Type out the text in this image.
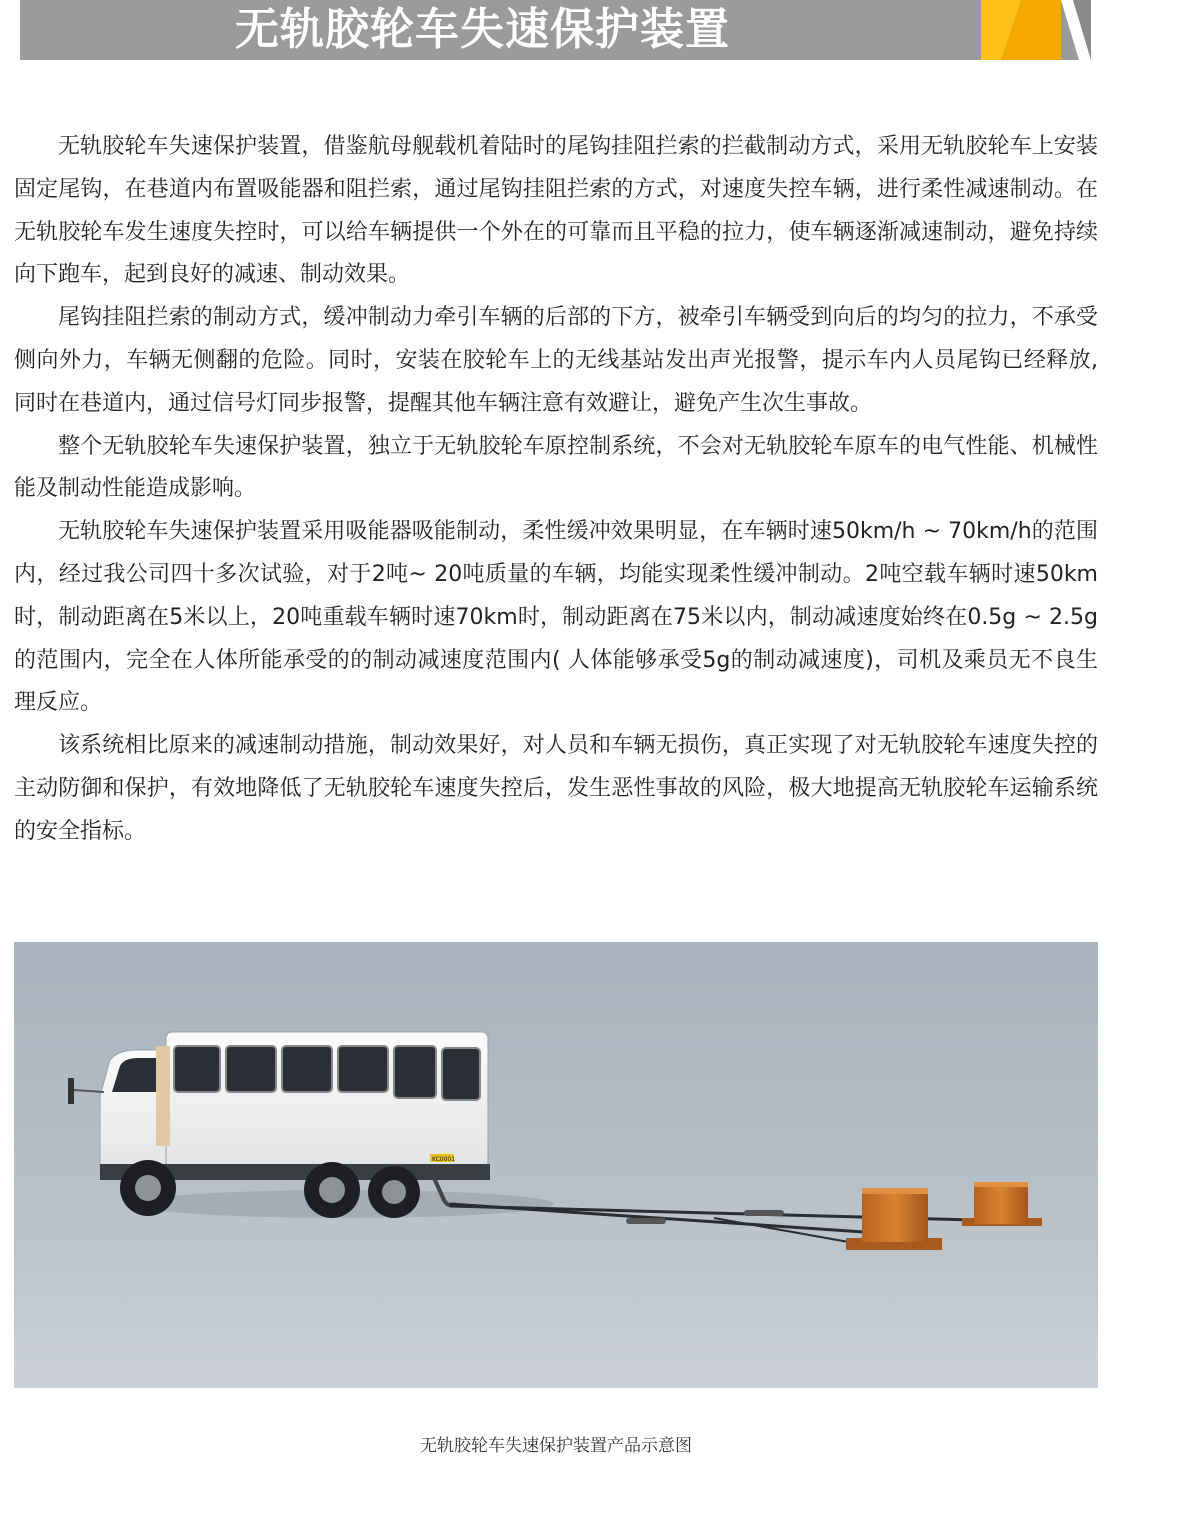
无轨胶轮车失速保护装置

无轨胶轮车失速保护装置，借鉴航母舰载机着陆时的尾钩挂阻拦索的拦截制动方式，采用无轨胶轮车上安装固定尾钩，在巷道内布置吸能器和阻拦索，通过尾钩挂阻拦索的方式，对速度失控车辆，进行柔性减速制动。在无轨胶轮车发生速度失控时，可以给车辆提供一个外在的可靠而且平稳的拉力，使车辆逐渐减速制动，避免持续向下跑车，起到良好的减速、制动效果。

尾钩挂阻拦索的制动方式，缓冲制动力牵引车辆的后部的下方，被牵引车辆受到向后的均匀的拉力，不承受侧向外力，车辆无侧翻的危险。同时，安装在胶轮车上的无线基站发出声光报警，提示车内人员尾钩已经释放,同时在巷道内，通过信号灯同步报警，提醒其他车辆注意有效避让，避免产生次生事故。

整个无轨胶轮车失速保护装置，独立于无轨胶轮车原控制系统，不会对无轨胶轮车原车的电气性能、机械性能及制动性能造成影响。

无轨胶轮车失速保护装置采用吸能器吸能制动，柔性缓冲效果明显，在车辆时速50km/h ~ 70km/h的范围内，经过我公司四十多次试验，对于2吨~ 20吨质量的车辆，均能实现柔性缓冲制动。2吨空载车辆时速50km时，制动距离在5米以上，20吨重载车辆时速70km时，制动距离在75米以内，制动减速度始终在0.5g ~ 2.5g的范围内，完全在人体所能承受的的制动减速度范围内( 人体能够承受5g的制动减速度)，司机及乘员无不良生理反应。

该系统相比原来的减速制动措施，制动效果好，对人员和车辆无损伤，真正实现了对无轨胶轮车速度失控的主动防御和保护，有效地降低了无轨胶轮车速度失控后，发生恶性事故的风险，极大地提高无轨胶轮车运输系统的安全指标。

KC0001
无轨胶轮车失速保护装置产品示意图
